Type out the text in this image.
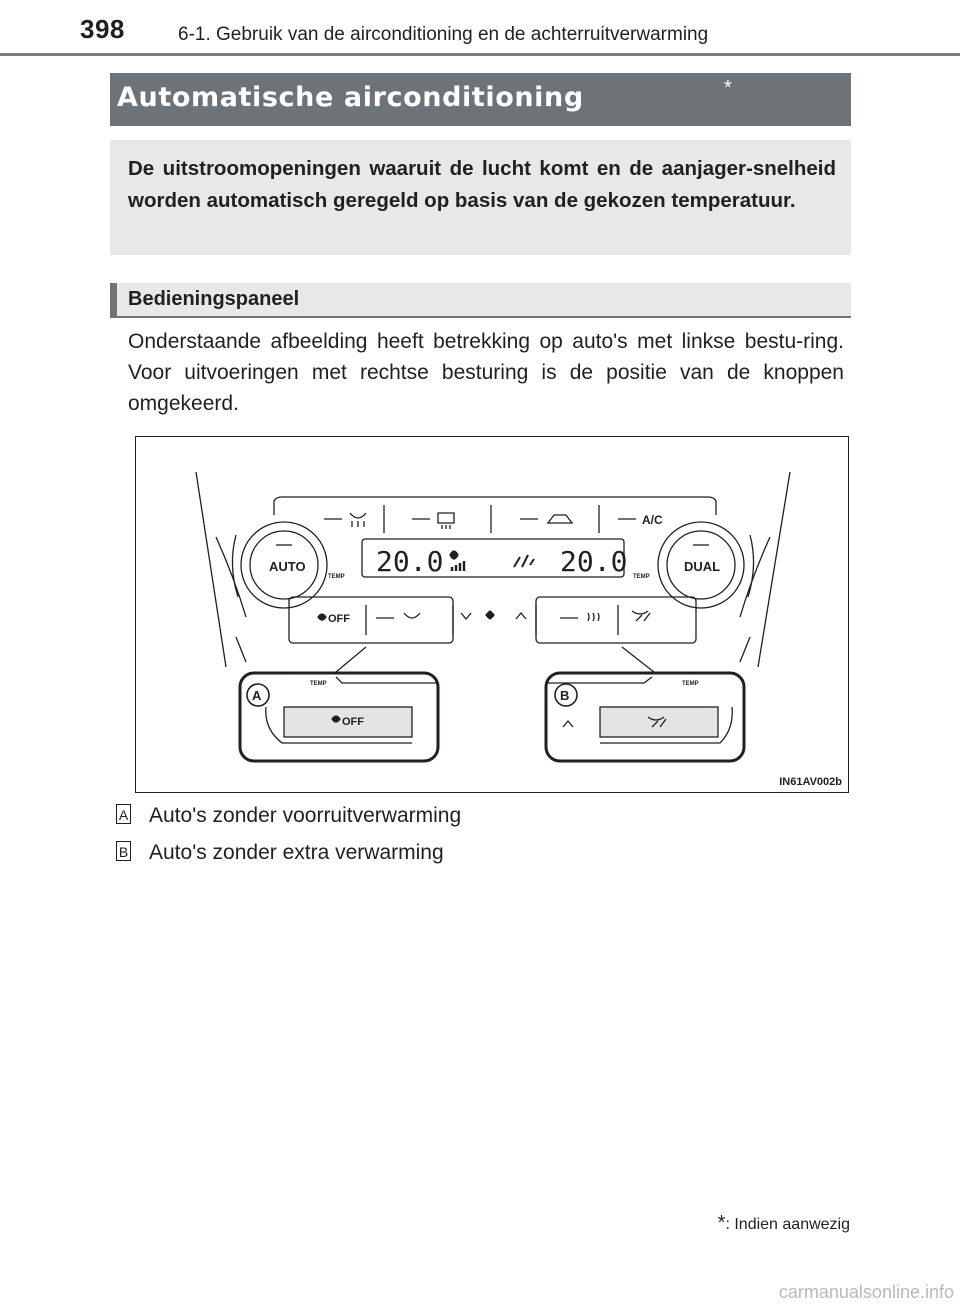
398	6-1. Gebruik van de airconditioning en de achterruitverwarming
Automatische airconditioning	*
De uitstroomopeningen waaruit de lucht komt en de aanjager-snelheid worden automatisch geregeld op basis van de gekozen temperatuur.
Bedieningspaneel
Onderstaande afbeelding heeft betrekking op auto's met linkse bestu-ring. Voor uitvoeringen met rechtse besturing is de positie van de knoppen omgekeerd.
A/C
AUTO
TEMP
DUAL
TEMP
20.0	20.0
OFF
A
TEMP
OFF
B
TEMP
IN61AV002b
A Auto's zonder voorruitverwarming
B Auto's zonder extra verwarming
*: Indien aanwezig
carmanualsonline.info
